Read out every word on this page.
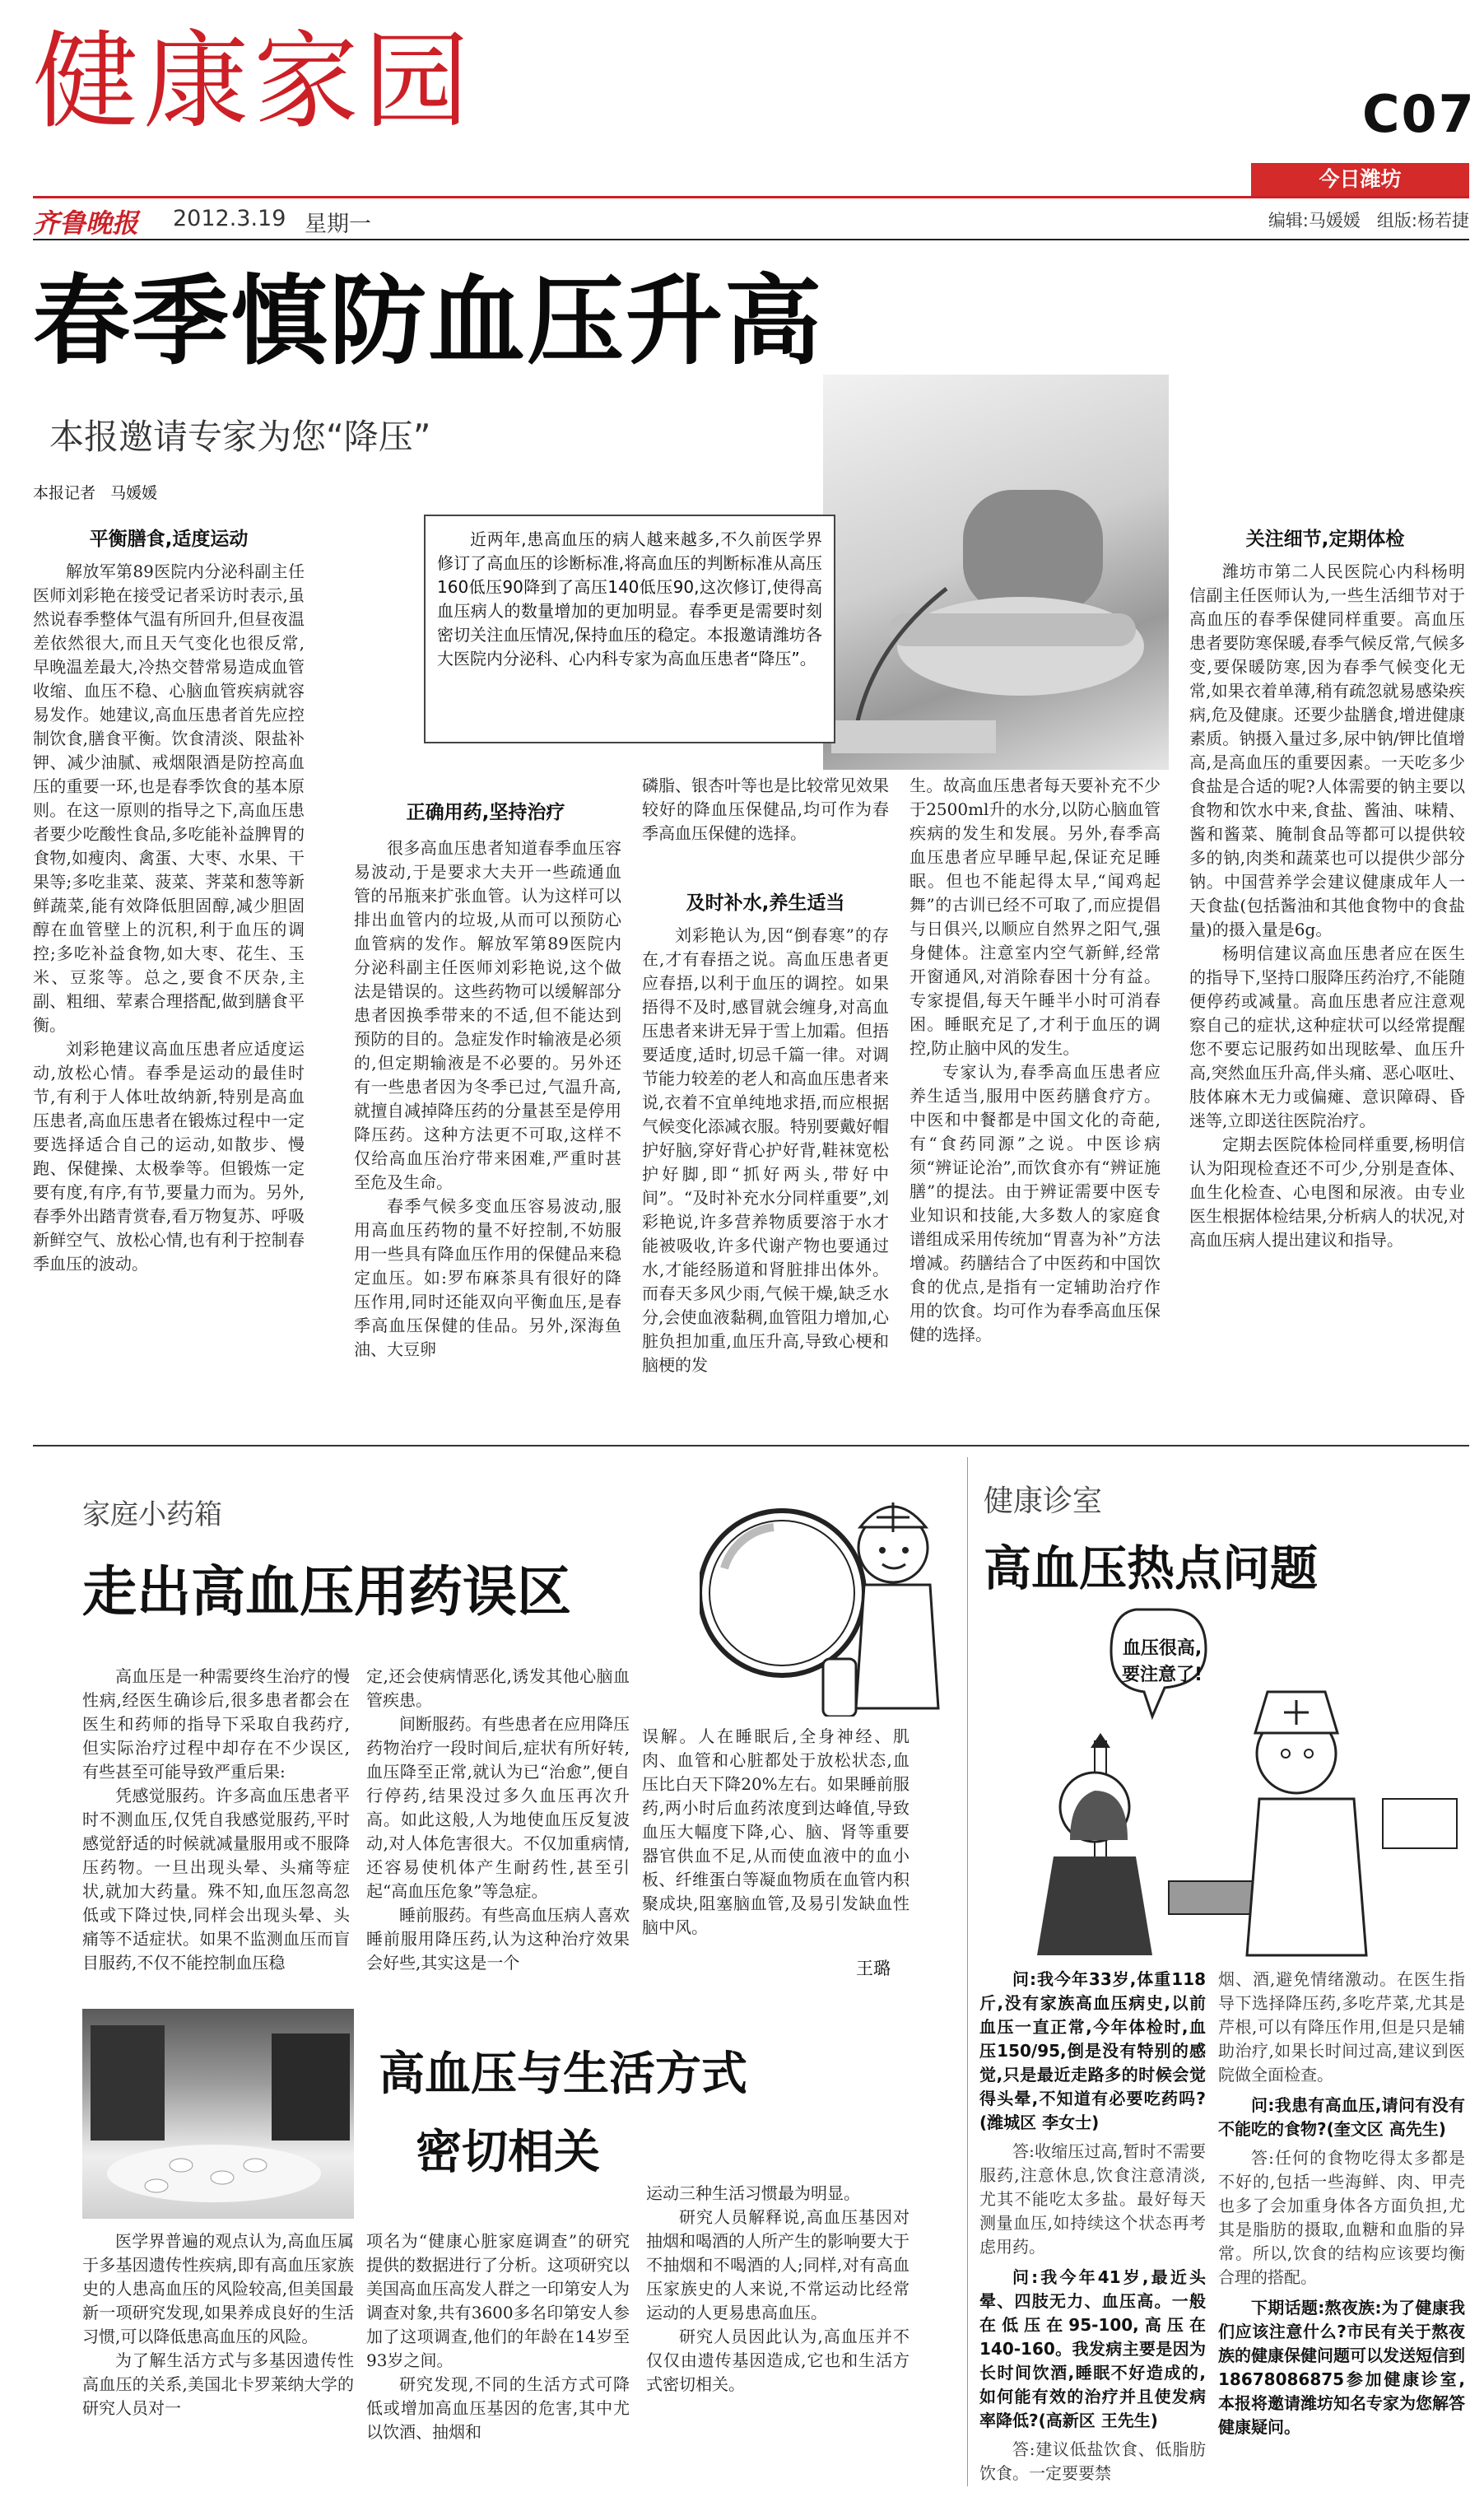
健康家园	C07
今日潍坊
齐鲁晚报 2012.3.19 星期一	编辑:马媛媛   组版:杨若捷
春季慎防血压升高
本报邀请专家为您“降压”
本报记者   马媛媛
近两年,患高血压的病人越来越多,不久前医学界修订了高血压的诊断标准,将高血压的判断标准从高压160低压90降到了高压140低压90,这次修订,使得高血压病人的数量增加的更加明显。春季更是需要时刻密切关注血压情况,保持血压的稳定。本报邀请潍坊各大医院内分泌科、心内科专家为高血压患者“降压”。
平衡膳食,适度运动

解放军第89医院内分泌科副主任医师刘彩艳在接受记者采访时表示,虽然说春季整体气温有所回升,但昼夜温差依然很大,而且天气变化也很反常,早晚温差最大,冷热交替常易造成血管收缩、血压不稳、心脑血管疾病就容易发作。她建议,高血压患者首先应控制饮食,膳食平衡。饮食清淡、限盐补钾、减少油腻、戒烟限酒是防控高血压的重要一环,也是春季饮食的基本原则。在这一原则的指导之下,高血压患者要少吃酸性食品,多吃能补益脾胃的食物,如瘦肉、禽蛋、大枣、水果、干果等;多吃韭菜、菠菜、荠菜和葱等新鲜蔬菜,能有效降低胆固醇,减少胆固醇在血管壁上的沉积,利于血压的调控;多吃补益食物,如大枣、花生、玉米、豆浆等。总之,要食不厌杂,主副、粗细、荤素合理搭配,做到膳食平衡。

刘彩艳建议高血压患者应适度运动,放松心情。春季是运动的最佳时节,有利于人体吐故纳新,特别是高血压患者,高血压患者在锻炼过程中一定要选择适合自己的运动,如散步、慢跑、保健操、太极拳等。但锻炼一定要有度,有序,有节,要量力而为。另外,春季外出踏青赏春,看万物复苏、呼吸新鲜空气、放松心情,也有利于控制春季血压的波动。

正确用药,坚持治疗

很多高血压患者知道春季血压容易波动,于是要求大夫开一些疏通血管的吊瓶来扩张血管。认为这样可以排出血管内的垃圾,从而可以预防心血管病的发作。解放军第89医院内分泌科副主任医师刘彩艳说,这个做法是错误的。这些药物可以缓解部分患者因换季带来的不适,但不能达到预防的目的。急症发作时输液是必须的,但定期输液是不必要的。另外还有一些患者因为冬季已过,气温升高,就擅自减掉降压药的分量甚至是停用降压药。这种方法更不可取,这样不仅给高血压治疗带来困难,严重时甚至危及生命。

春季气候多变血压容易波动,服用高血压药物的量不好控制,不妨服用一些具有降血压作用的保健品来稳定血压。如:罗布麻茶具有很好的降压作用,同时还能双向平衡血压,是春季高血压保健的佳品。另外,深海鱼油、大豆卵

磷脂、银杏叶等也是比较常见效果较好的降血压保健品,均可作为春季高血压保健的选择。

及时补水,养生适当

刘彩艳认为,因“倒春寒”的存在,才有春捂之说。高血压患者更应春捂,以利于血压的调控。如果捂得不及时,感冒就会缠身,对高血压患者来讲无异于雪上加霜。但捂要适度,适时,切忌千篇一律。对调节能力较差的老人和高血压患者来说,衣着不宜单纯地求捂,而应根据气候变化添减衣服。特别要戴好帽护好脑,穿好背心护好背,鞋袜宽松护好脚,即“抓好两头,带好中间”。“及时补充水分同样重要”,刘彩艳说,许多营养物质要溶于水才能被吸收,许多代谢产物也要通过水,才能经肠道和肾脏排出体外。而春天多风少雨,气候干燥,缺乏水分,会使血液黏稠,血管阻力增加,心脏负担加重,血压升高,导致心梗和脑梗的发

生。故高血压患者每天要补充不少于2500ml升的水分,以防心脑血管疾病的发生和发展。另外,春季高血压患者应早睡早起,保证充足睡眠。但也不能起得太早,“闻鸡起舞”的古训已经不可取了,而应提倡与日俱兴,以顺应自然界之阳气,强身健体。注意室内空气新鲜,经常开窗通风,对消除春困十分有益。专家提倡,每天午睡半小时可消春困。睡眠充足了,才利于血压的调控,防止脑中风的发生。

专家认为,春季高血压患者应养生适当,服用中医药膳食疗方。中医和中餐都是中国文化的奇葩,有“食药同源”之说。中医诊病须“辨证论治”,而饮食亦有“辨证施膳”的提法。由于辨证需要中医专业知识和技能,大多数人的家庭食谱组成采用传统加“胃喜为补”方法增减。药膳结合了中医药和中国饮食的优点,是指有一定辅助治疗作用的饮食。均可作为春季高血压保健的选择。

关注细节,定期体检

潍坊市第二人民医院心内科杨明信副主任医师认为,一些生活细节对于高血压的春季保健同样重要。高血压患者要防寒保暖,春季气候反常,气候多变,要保暖防寒,因为春季气候变化无常,如果衣着单薄,稍有疏忽就易感染疾病,危及健康。还要少盐膳食,增进健康素质。钠摄入量过多,尿中钠/钾比值增高,是高血压的重要因素。一天吃多少食盐是合适的呢?人体需要的钠主要以食物和饮水中来,食盐、酱油、味精、酱和酱菜、腌制食品等都可以提供较多的钠,肉类和蔬菜也可以提供少部分钠。中国营养学会建议健康成年人一天食盐(包括酱油和其他食物中的食盐量)的摄入量是6g。

杨明信建议高血压患者应在医生的指导下,坚持口服降压药治疗,不能随便停药或减量。高血压患者应注意观察自己的症状,这种症状可以经常提醒您不要忘记服药如出现眩晕、血压升高,突然血压升高,伴头痛、恶心呕吐、肢体麻木无力或偏瘫、意识障碍、昏迷等,立即送往医院治疗。

定期去医院体检同样重要,杨明信认为阳现检查还不可少,分别是查体、血生化检查、心电图和尿液。由专业医生根据体检结果,分析病人的状况,对高血压病人提出建议和指导。

家庭小药箱
走出高血压用药误区

高血压是一种需要终生治疗的慢性病,经医生确诊后,很多患者都会在医生和药师的指导下采取自我药疗,但实际治疗过程中却存在不少误区,有些甚至可能导致严重后果:

凭感觉服药。许多高血压患者平时不测血压,仅凭自我感觉服药,平时感觉舒适的时候就减量服用或不服降压药物。一旦出现头晕、头痛等症状,就加大药量。殊不知,血压忽高忽低或下降过快,同样会出现头晕、头痛等不适症状。如果不监测血压而盲目服药,不仅不能控制血压稳

定,还会使病情恶化,诱发其他心脑血管疾患。

间断服药。有些患者在应用降压药物治疗一段时间后,症状有所好转,血压降至正常,就认为已“治愈”,便自行停药,结果没过多久血压再次升高。如此这般,人为地使血压反复波动,对人体危害很大。不仅加重病情,还容易使机体产生耐药性,甚至引起“高血压危象”等急症。

睡前服药。有些高血压病人喜欢睡前服用降压药,认为这种治疗效果会好些,其实这是一个

误解。人在睡眠后,全身神经、肌肉、血管和心脏都处于放松状态,血压比白天下降20%左右。如果睡前服药,两小时后血药浓度到达峰值,导致血压大幅度下降,心、脑、肾等重要器官供血不足,从而使血液中的血小板、纤维蛋白等凝血物质在血管内积聚成块,阻塞脑血管,及易引发缺血性脑中风。

王璐
高血压与生活方式
密切相关

医学界普遍的观点认为,高血压属于多基因遗传性疾病,即有高血压家族史的人患高血压的风险较高,但美国最新一项研究发现,如果养成良好的生活习惯,可以降低患高血压的风险。

为了解生活方式与多基因遗传性高血压的关系,美国北卡罗莱纳大学的研究人员对一

项名为“健康心脏家庭调查”的研究提供的数据进行了分析。这项研究以美国高血压高发人群之一印第安人为调查对象,共有3600多名印第安人参加了这项调查,他们的年龄在14岁至93岁之间。

研究发现,不同的生活方式可降低或增加高血压基因的危害,其中尤以饮酒、抽烟和

运动三种生活习惯最为明显。

研究人员解释说,高血压基因对抽烟和喝酒的人所产生的影响要大于不抽烟和不喝酒的人;同样,对有高血压家族史的人来说,不常运动比经常运动的人更易患高血压。

研究人员因此认为,高血压并不仅仅由遗传基因造成,它也和生活方式密切相关。

健康诊室
高血压热点问题
血压很高,
要注意了!
问:我今年33岁,体重118斤,没有家族高血压病史,以前血压一直正常,今年体检时,血压150/95,倒是没有特别的感觉,只是最近走路多的时候会觉得头晕,不知道有必要吃药吗?(潍城区 李女士)
答:收缩压过高,暂时不需要服药,注意休息,饮食注意清淡,尤其不能吃太多盐。最好每天测量血压,如持续这个状态再考虑用药。
问:我今年41岁,最近头晕、四肢无力、血压高。一般在低压在95-100,高压在140-160。我发病主要是因为长时间饮酒,睡眠不好造成的,如何能有效的治疗并且使发病率降低?(高新区 王先生)
答:建议低盐饮食、低脂肪饮食。一定要要禁
烟、酒,避免情绪激动。在医生指导下选择降压药,多吃芹菜,尤其是芹根,可以有降压作用,但是只是辅助治疗,如果长时间过高,建议到医院做全面检查。
问:我患有高血压,请问有没有不能吃的食物?(奎文区 高先生)
答:任何的食物吃得太多都是不好的,包括一些海鲜、肉、甲壳也多了会加重身体各方面负担,尤其是脂肪的摄取,血糖和血脂的异常。所以,饮食的结构应该要均衡合理的搭配。
下期话题:熬夜族:为了健康我们应该注意什么?市民有关于熬夜族的健康保健问题可以发送短信到18678086875参加健康诊室,本报将邀请潍坊知名专家为您解答健康疑问。
